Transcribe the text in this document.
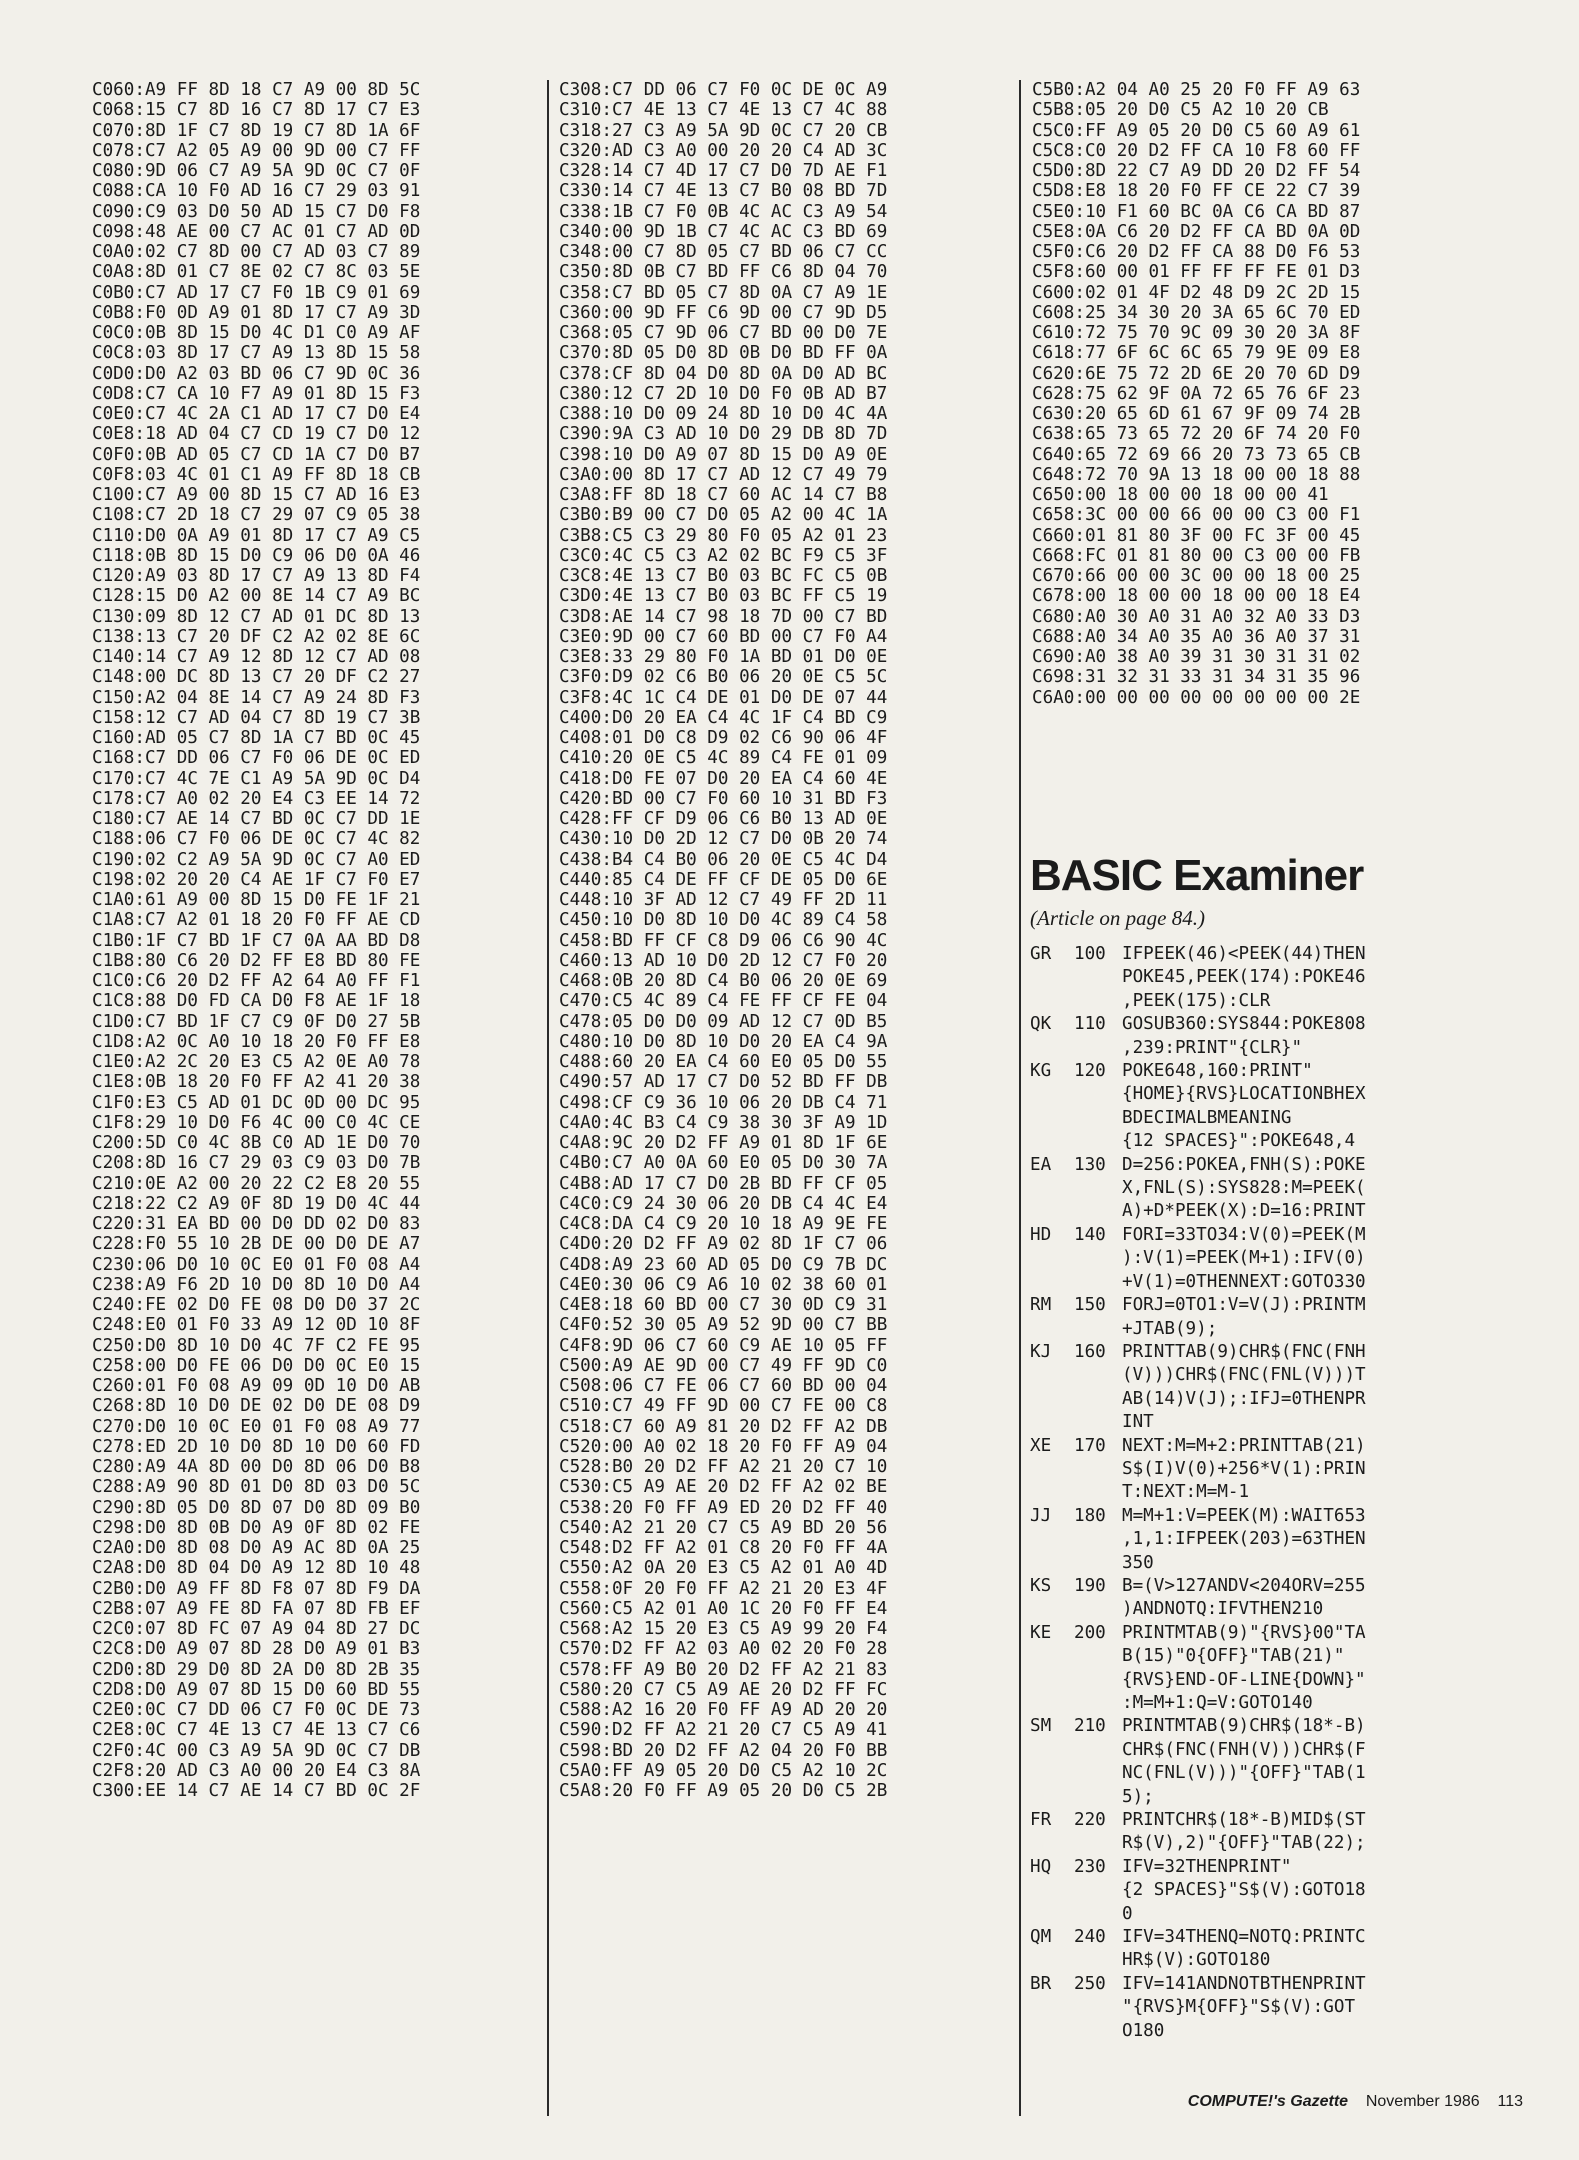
C060:A9 FF 8D 18 C7 A9 00 8D 5C
C068:15 C7 8D 16 C7 8D 17 C7 E3
C070:8D 1F C7 8D 19 C7 8D 1A 6F
C078:C7 A2 05 A9 00 9D 00 C7 FF
C080:9D 06 C7 A9 5A 9D 0C C7 0F
C088:CA 10 F0 AD 16 C7 29 03 91
C090:C9 03 D0 50 AD 15 C7 D0 F8
C098:48 AE 00 C7 AC 01 C7 AD 0D
C0A0:02 C7 8D 00 C7 AD 03 C7 89
C0A8:8D 01 C7 8E 02 C7 8C 03 5E
C0B0:C7 AD 17 C7 F0 1B C9 01 69
C0B8:F0 0D A9 01 8D 17 C7 A9 3D
C0C0:0B 8D 15 D0 4C D1 C0 A9 AF
C0C8:03 8D 17 C7 A9 13 8D 15 58
C0D0:D0 A2 03 BD 06 C7 9D 0C 36
C0D8:C7 CA 10 F7 A9 01 8D 15 F3
C0E0:C7 4C 2A C1 AD 17 C7 D0 E4
C0E8:18 AD 04 C7 CD 19 C7 D0 12
C0F0:0B AD 05 C7 CD 1A C7 D0 B7
C0F8:03 4C 01 C1 A9 FF 8D 18 CB
C100:C7 A9 00 8D 15 C7 AD 16 E3
C108:C7 2D 18 C7 29 07 C9 05 38
C110:D0 0A A9 01 8D 17 C7 A9 C5
C118:0B 8D 15 D0 C9 06 D0 0A 46
C120:A9 03 8D 17 C7 A9 13 8D F4
C128:15 D0 A2 00 8E 14 C7 A9 BC
C130:09 8D 12 C7 AD 01 DC 8D 13
C138:13 C7 20 DF C2 A2 02 8E 6C
C140:14 C7 A9 12 8D 12 C7 AD 08
C148:00 DC 8D 13 C7 20 DF C2 27
C150:A2 04 8E 14 C7 A9 24 8D F3
C158:12 C7 AD 04 C7 8D 19 C7 3B
C160:AD 05 C7 8D 1A C7 BD 0C 45
C168:C7 DD 06 C7 F0 06 DE 0C ED
C170:C7 4C 7E C1 A9 5A 9D 0C D4
C178:C7 A0 02 20 E4 C3 EE 14 72
C180:C7 AE 14 C7 BD 0C C7 DD 1E
C188:06 C7 F0 06 DE 0C C7 4C 82
C190:02 C2 A9 5A 9D 0C C7 A0 ED
C198:02 20 20 C4 AE 1F C7 F0 E7
C1A0:61 A9 00 8D 15 D0 FE 1F 21
C1A8:C7 A2 01 18 20 F0 FF AE CD
C1B0:1F C7 BD 1F C7 0A AA BD D8
C1B8:80 C6 20 D2 FF E8 BD 80 FE
C1C0:C6 20 D2 FF A2 64 A0 FF F1
C1C8:88 D0 FD CA D0 F8 AE 1F 18
C1D0:C7 BD 1F C7 C9 0F D0 27 5B
C1D8:A2 0C A0 10 18 20 F0 FF E8
C1E0:A2 2C 20 E3 C5 A2 0E A0 78
C1E8:0B 18 20 F0 FF A2 41 20 38
C1F0:E3 C5 AD 01 DC 0D 00 DC 95
C1F8:29 10 D0 F6 4C 00 C0 4C CE
C200:5D C0 4C 8B C0 AD 1E D0 70
C208:8D 16 C7 29 03 C9 03 D0 7B
C210:0E A2 00 20 22 C2 E8 20 55
C218:22 C2 A9 0F 8D 19 D0 4C 44
C220:31 EA BD 00 D0 DD 02 D0 83
C228:F0 55 10 2B DE 00 D0 DE A7
C230:06 D0 10 0C E0 01 F0 08 A4
C238:A9 F6 2D 10 D0 8D 10 D0 A4
C240:FE 02 D0 FE 08 D0 D0 37 2C
C248:E0 01 F0 33 A9 12 0D 10 8F
C250:D0 8D 10 D0 4C 7F C2 FE 95
C258:00 D0 FE 06 D0 D0 0C E0 15
C260:01 F0 08 A9 09 0D 10 D0 AB
C268:8D 10 D0 DE 02 D0 DE 08 D9
C270:D0 10 0C E0 01 F0 08 A9 77
C278:ED 2D 10 D0 8D 10 D0 60 FD
C280:A9 4A 8D 00 D0 8D 06 D0 B8
C288:A9 90 8D 01 D0 8D 03 D0 5C
C290:8D 05 D0 8D 07 D0 8D 09 B0
C298:D0 8D 0B D0 A9 0F 8D 02 FE
C2A0:D0 8D 08 D0 A9 AC 8D 0A 25
C2A8:D0 8D 04 D0 A9 12 8D 10 48
C2B0:D0 A9 FF 8D F8 07 8D F9 DA
C2B8:07 A9 FE 8D FA 07 8D FB EF
C2C0:07 8D FC 07 A9 04 8D 27 DC
C2C8:D0 A9 07 8D 28 D0 A9 01 B3
C2D0:8D 29 D0 8D 2A D0 8D 2B 35
C2D8:D0 A9 07 8D 15 D0 60 BD 55
C2E0:0C C7 DD 06 C7 F0 0C DE 73
C2E8:0C C7 4E 13 C7 4E 13 C7 C6
C2F0:4C 00 C3 A9 5A 9D 0C C7 DB
C2F8:20 AD C3 A0 00 20 E4 C3 8A
C300:EE 14 C7 AE 14 C7 BD 0C 2F
C308:C7 DD 06 C7 F0 0C DE 0C A9
C310:C7 4E 13 C7 4E 13 C7 4C 88
C318:27 C3 A9 5A 9D 0C C7 20 CB
C320:AD C3 A0 00 20 20 C4 AD 3C
C328:14 C7 4D 17 C7 D0 7D AE F1
C330:14 C7 4E 13 C7 B0 08 BD 7D
C338:1B C7 F0 0B 4C AC C3 A9 54
C340:00 9D 1B C7 4C AC C3 BD 69
C348:00 C7 8D 05 C7 BD 06 C7 CC
C350:8D 0B C7 BD FF C6 8D 04 70
C358:C7 BD 05 C7 8D 0A C7 A9 1E
C360:00 9D FF C6 9D 00 C7 9D D5
C368:05 C7 9D 06 C7 BD 00 D0 7E
C370:8D 05 D0 8D 0B D0 BD FF 0A
C378:CF 8D 04 D0 8D 0A D0 AD BC
C380:12 C7 2D 10 D0 F0 0B AD B7
C388:10 D0 09 24 8D 10 D0 4C 4A
C390:9A C3 AD 10 D0 29 DB 8D 7D
C398:10 D0 A9 07 8D 15 D0 A9 0E
C3A0:00 8D 17 C7 AD 12 C7 49 79
C3A8:FF 8D 18 C7 60 AC 14 C7 B8
C3B0:B9 00 C7 D0 05 A2 00 4C 1A
C3B8:C5 C3 29 80 F0 05 A2 01 23
C3C0:4C C5 C3 A2 02 BC F9 C5 3F
C3C8:4E 13 C7 B0 03 BC FC C5 0B
C3D0:4E 13 C7 B0 03 BC FF C5 19
C3D8:AE 14 C7 98 18 7D 00 C7 BD
C3E0:9D 00 C7 60 BD 00 C7 F0 A4
C3E8:33 29 80 F0 1A BD 01 D0 0E
C3F0:D9 02 C6 B0 06 20 0E C5 5C
C3F8:4C 1C C4 DE 01 D0 DE 07 44
C400:D0 20 EA C4 4C 1F C4 BD C9
C408:01 D0 C8 D9 02 C6 90 06 4F
C410:20 0E C5 4C 89 C4 FE 01 09
C418:D0 FE 07 D0 20 EA C4 60 4E
C420:BD 00 C7 F0 60 10 31 BD F3
C428:FF CF D9 06 C6 B0 13 AD 0E
C430:10 D0 2D 12 C7 D0 0B 20 74
C438:B4 C4 B0 06 20 0E C5 4C D4
C440:85 C4 DE FF CF DE 05 D0 6E
C448:10 3F AD 12 C7 49 FF 2D 11
C450:10 D0 8D 10 D0 4C 89 C4 58
C458:BD FF CF C8 D9 06 C6 90 4C
C460:13 AD 10 D0 2D 12 C7 F0 20
C468:0B 20 8D C4 B0 06 20 0E 69
C470:C5 4C 89 C4 FE FF CF FE 04
C478:05 D0 D0 09 AD 12 C7 0D B5
C480:10 D0 8D 10 D0 20 EA C4 9A
C488:60 20 EA C4 60 E0 05 D0 55
C490:57 AD 17 C7 D0 52 BD FF DB
C498:CF C9 36 10 06 20 DB C4 71
C4A0:4C B3 C4 C9 38 30 3F A9 1D
C4A8:9C 20 D2 FF A9 01 8D 1F 6E
C4B0:C7 A0 0A 60 E0 05 D0 30 7A
C4B8:AD 17 C7 D0 2B BD FF CF 05
C4C0:C9 24 30 06 20 DB C4 4C E4
C4C8:DA C4 C9 20 10 18 A9 9E FE
C4D0:20 D2 FF A9 02 8D 1F C7 06
C4D8:A9 23 60 AD 05 D0 C9 7B DC
C4E0:30 06 C9 A6 10 02 38 60 01
C4E8:18 60 BD 00 C7 30 0D C9 31
C4F0:52 30 05 A9 52 9D 00 C7 BB
C4F8:9D 06 C7 60 C9 AE 10 05 FF
C500:A9 AE 9D 00 C7 49 FF 9D C0
C508:06 C7 FE 06 C7 60 BD 00 04
C510:C7 49 FF 9D 00 C7 FE 00 C8
C518:C7 60 A9 81 20 D2 FF A2 DB
C520:00 A0 02 18 20 F0 FF A9 04
C528:B0 20 D2 FF A2 21 20 C7 10
C530:C5 A9 AE 20 D2 FF A2 02 BE
C538:20 F0 FF A9 ED 20 D2 FF 40
C540:A2 21 20 C7 C5 A9 BD 20 56
C548:D2 FF A2 01 C8 20 F0 FF 4A
C550:A2 0A 20 E3 C5 A2 01 A0 4D
C558:0F 20 F0 FF A2 21 20 E3 4F
C560:C5 A2 01 A0 1C 20 F0 FF E4
C568:A2 15 20 E3 C5 A9 99 20 F4
C570:D2 FF A2 03 A0 02 20 F0 28
C578:FF A9 B0 20 D2 FF A2 21 83
C580:20 C7 C5 A9 AE 20 D2 FF FC
C588:A2 16 20 F0 FF A9 AD 20 20
C590:D2 FF A2 21 20 C7 C5 A9 41
C598:BD 20 D2 FF A2 04 20 F0 BB
C5A0:FF A9 05 20 D0 C5 A2 10 2C
C5A8:20 F0 FF A9 05 20 D0 C5 2B
C5B0:A2 04 A0 25 20 F0 FF A9 63
C5B8:05 20 D0 C5 A2 10 20 CB
C5C0:FF A9 05 20 D0 C5 60 A9 61
C5C8:C0 20 D2 FF CA 10 F8 60 FF
C5D0:8D 22 C7 A9 DD 20 D2 FF 54
C5D8:E8 18 20 F0 FF CE 22 C7 39
C5E0:10 F1 60 BC 0A C6 CA BD 87
C5E8:0A C6 20 D2 FF CA BD 0A 0D
C5F0:C6 20 D2 FF CA 88 D0 F6 53
C5F8:60 00 01 FF FF FF FE 01 D3
C600:02 01 4F D2 48 D9 2C 2D 15
C608:25 34 30 20 3A 65 6C 70 ED
C610:72 75 70 9C 09 30 20 3A 8F
C618:77 6F 6C 6C 65 79 9E 09 E8
C620:6E 75 72 2D 6E 20 70 6D D9
C628:75 62 9F 0A 72 65 76 6F 23
C630:20 65 6D 61 67 9F 09 74 2B
C638:65 73 65 72 20 6F 74 20 F0
C640:65 72 69 66 20 73 73 65 CB
C648:72 70 9A 13 18 00 00 18 88
C650:00 18 00 00 18 00 00 41
C658:3C 00 00 66 00 00 C3 00 F1
C660:01 81 80 3F 00 FC 3F 00 45
C668:FC 01 81 80 00 C3 00 00 FB
C670:66 00 00 3C 00 00 18 00 25
C678:00 18 00 00 18 00 00 18 E4
C680:A0 30 A0 31 A0 32 A0 33 D3
C688:A0 34 A0 35 A0 36 A0 37 31
C690:A0 38 A0 39 31 30 31 31 02
C698:31 32 31 33 31 34 31 35 96
C6A0:00 00 00 00 00 00 00 00 2E
BASIC Examiner
(Article on page 84.)
GR	100 IFPEEK(46)<PEEK(44)THEN
POKE45,PEEK(174):POKE46
,PEEK(175):CLR
QK	110 GOSUB360:SYS844:POKE808
,239:PRINT"{CLR}"
KG	120 POKE648,160:PRINT"
{HOME}{RVS}LOCATIONBHEX
BDECIMALBMEANING
{12 SPACES}":POKE648,4
EA	130 D=256:POKEA,FNH(S):POKE
X,FNL(S):SYS828:M=PEEK(
A)+D*PEEK(X):D=16:PRINT
HD	140 FORI=33TO34:V(0)=PEEK(M
):V(1)=PEEK(M+1):IFV(0)
+V(1)=0THENNEXT:GOTO330
RM	150 FORJ=0TO1:V=V(J):PRINTM
+JTAB(9);
KJ	160 PRINTTAB(9)CHR$(FNC(FNH
(V)))CHR$(FNC(FNL(V)))T
AB(14)V(J);:IFJ=0THENPR
INT
XE	170 NEXT:M=M+2:PRINTTAB(21)
S$(I)V(0)+256*V(1):PRIN
T:NEXT:M=M-1
JJ	180 M=M+1:V=PEEK(M):WAIT653
,1,1:IFPEEK(203)=63THEN
350
KS	190 B=(V>127ANDV<204ORV=255
)ANDNOTQ:IFVTHEN210
KE	200 PRINTMTAB(9)"{RVS}00"TA
B(15)"0{OFF}"TAB(21)"
{RVS}END-OF-LINE{DOWN}"
:M=M+1:Q=V:GOTO140
SM	210 PRINTMTAB(9)CHR$(18*-B)
CHR$(FNC(FNH(V)))CHR$(F
NC(FNL(V)))"{OFF}"TAB(1
5);
FR	220 PRINTCHR$(18*-B)MID$(ST
R$(V),2)"{OFF}"TAB(22);
HQ	230 IFV=32THENPRINT"
{2 SPACES}"S$(V):GOTO18
0
QM	240 IFV=34THENQ=NOTQ:PRINTC
HR$(V):GOTO180
BR	250 IFV=141ANDNOTBTHENPRINT
"{RVS}M{OFF}"S$(V):GOT
O180
COMPUTE!'s Gazette November 1986 113
